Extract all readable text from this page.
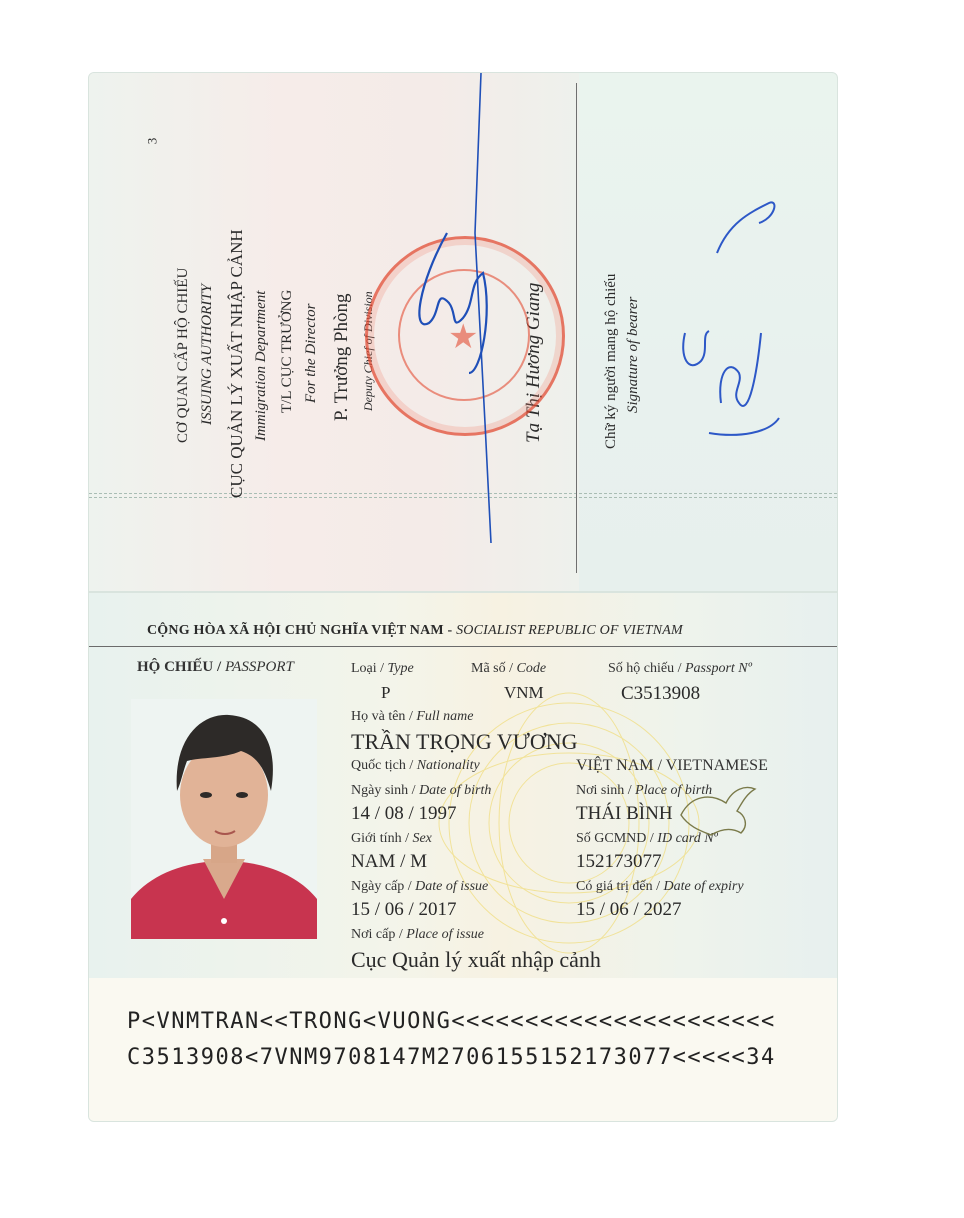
3
CƠ QUAN CẤP HỘ CHIẾU ISSUING AUTHORITY CỤC QUẢN LÝ XUẤT NHẬP CẢNH Immigration Department T/L CỤC TRƯỞNG For the Director P. Trưởng Phòng Deputy Chief of Division	Tạ Thị Hương Giang	Chữ ký người mang hộ chiếu Signature of bearer
★
CỘNG HÒA XÃ HỘI CHỦ NGHĨA VIỆT NAM - SOCIALIST REPUBLIC OF VIETNAM
HỘ CHIẾU / PASSPORT	Loại / Type
P
Mã số / Code
VNM
Số hộ chiếu / Passport Nº
C3513908
Họ và tên / Full name
TRẦN TRỌNG VƯƠNG
Quốc tịch / Nationality	VIỆT NAM / VIETNAMESE
Ngày sinh / Date of birth
14 / 08 / 1997
Nơi sinh / Place of birth
THÁI BÌNH
Giới tính / Sex
NAM / M
Số GCMND / ID card Nº
152173077
Ngày cấp / Date of issue
15 / 06 / 2017
Có giá trị đến / Date of expiry
15 / 06 / 2027
Nơi cấp / Place of issue
Cục Quản lý xuất nhập cảnh
P<VNMTRAN<<TRONG<VUONG<<<<<<<<<<<<<<<<<<<<<<
C3513908<7VNM9708147M2706155152173077<<<<<34
